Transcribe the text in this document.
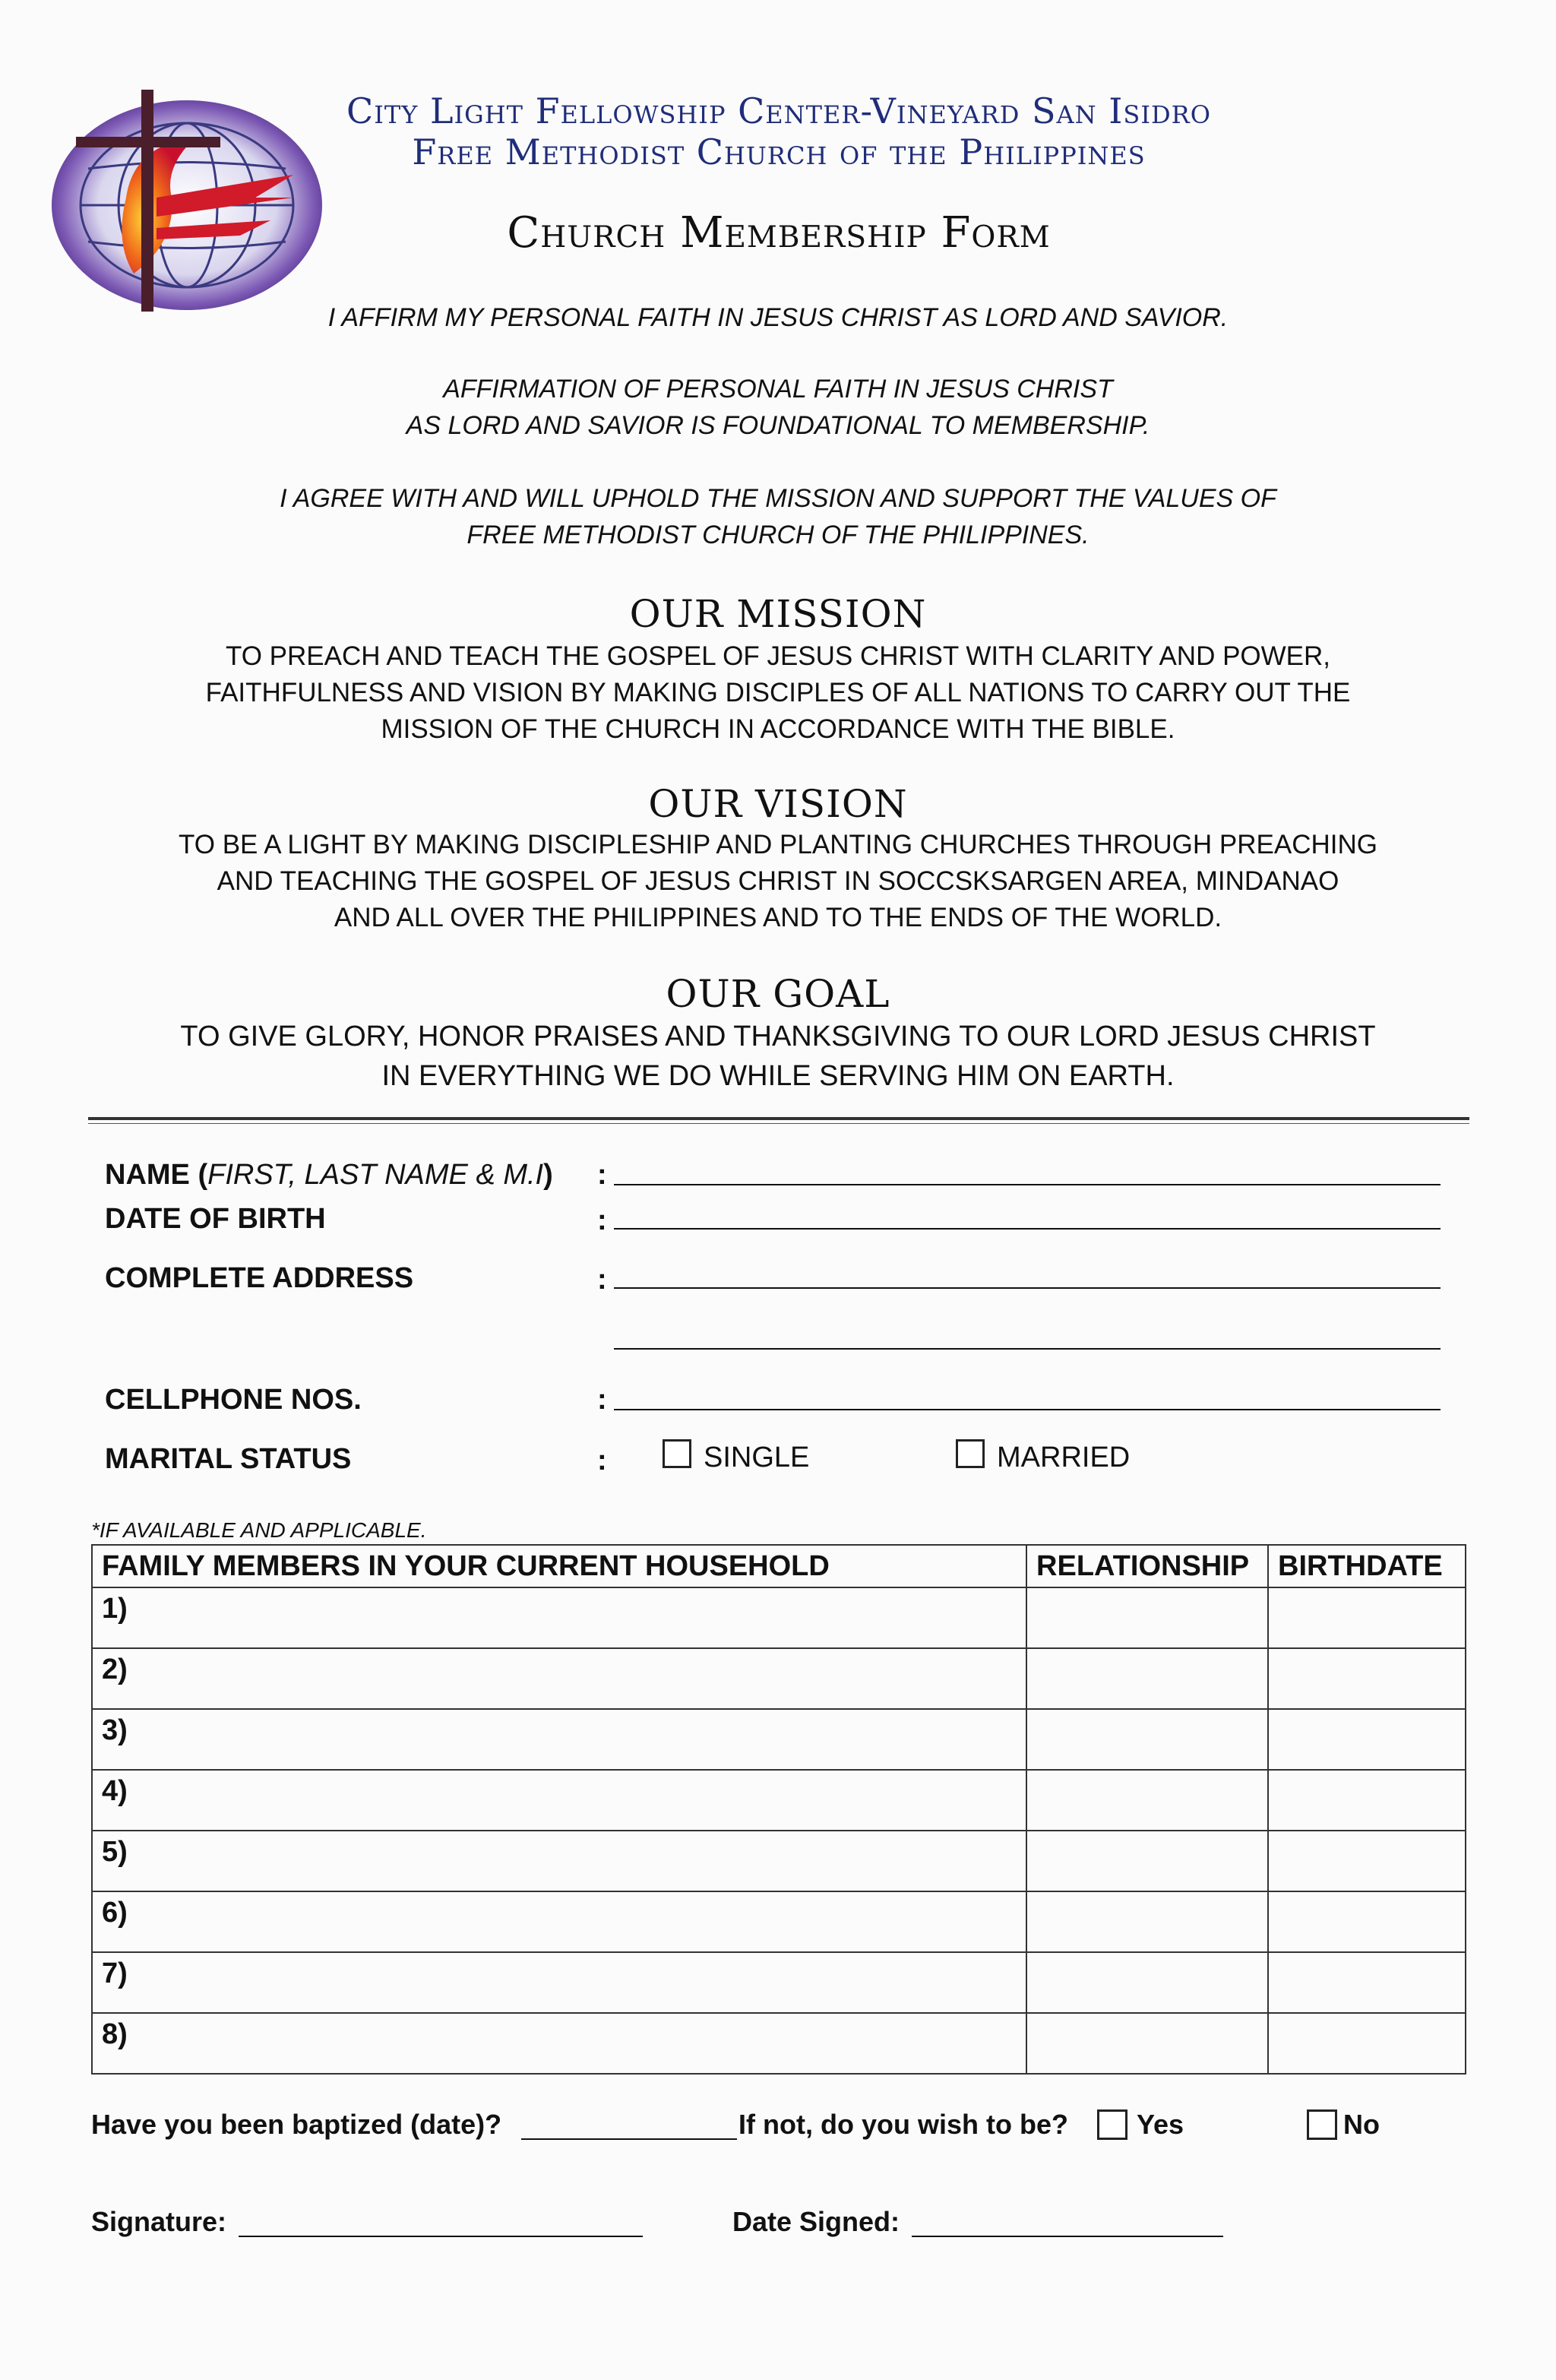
City Light Fellowship Center-Vineyard San Isidro
Free Methodist Church of the Philippines
Church Membership Form
I AFFIRM MY PERSONAL FAITH IN JESUS CHRIST AS LORD AND SAVIOR.
AFFIRMATION OF PERSONAL FAITH IN JESUS CHRIST
AS LORD AND SAVIOR IS FOUNDATIONAL TO MEMBERSHIP.
I AGREE WITH AND WILL UPHOLD THE MISSION AND SUPPORT THE VALUES OF
FREE METHODIST CHURCH OF THE PHILIPPINES.
OUR MISSION
TO PREACH AND TEACH THE GOSPEL OF JESUS CHRIST WITH CLARITY AND POWER,
FAITHFULNESS AND VISION BY MAKING DISCIPLES OF ALL NATIONS TO CARRY OUT THE
MISSION OF THE CHURCH IN ACCORDANCE WITH THE BIBLE.
OUR VISION
TO BE A LIGHT BY MAKING DISCIPLESHIP AND PLANTING CHURCHES THROUGH PREACHING
AND TEACHING THE GOSPEL OF JESUS CHRIST IN SOCCSKSARGEN AREA, MINDANAO
AND ALL OVER THE PHILIPPINES AND TO THE ENDS OF THE WORLD.
OUR GOAL
TO GIVE GLORY, HONOR PRAISES AND THANKSGIVING TO OUR LORD JESUS CHRIST
IN EVERYTHING WE DO WHILE SERVING HIM ON EARTH.
NAME (FIRST, LAST NAME & M.I) :
DATE OF BIRTH	:
COMPLETE ADDRESS	:
CELLPHONE NOS.	:
MARITAL STATUS	:	SINGLE	MARRIED
*IF AVAILABLE AND APPLICABLE.
FAMILY MEMBERS IN YOUR CURRENT HOUSEHOLD	RELATIONSHIP	BIRTHDATE
1)		
2)		
3)		
4)		
5)		
6)		
7)		
8)		
Have you been baptized (date)?	If not, do you wish to be?	Yes	No
Signature:	Date Signed:
